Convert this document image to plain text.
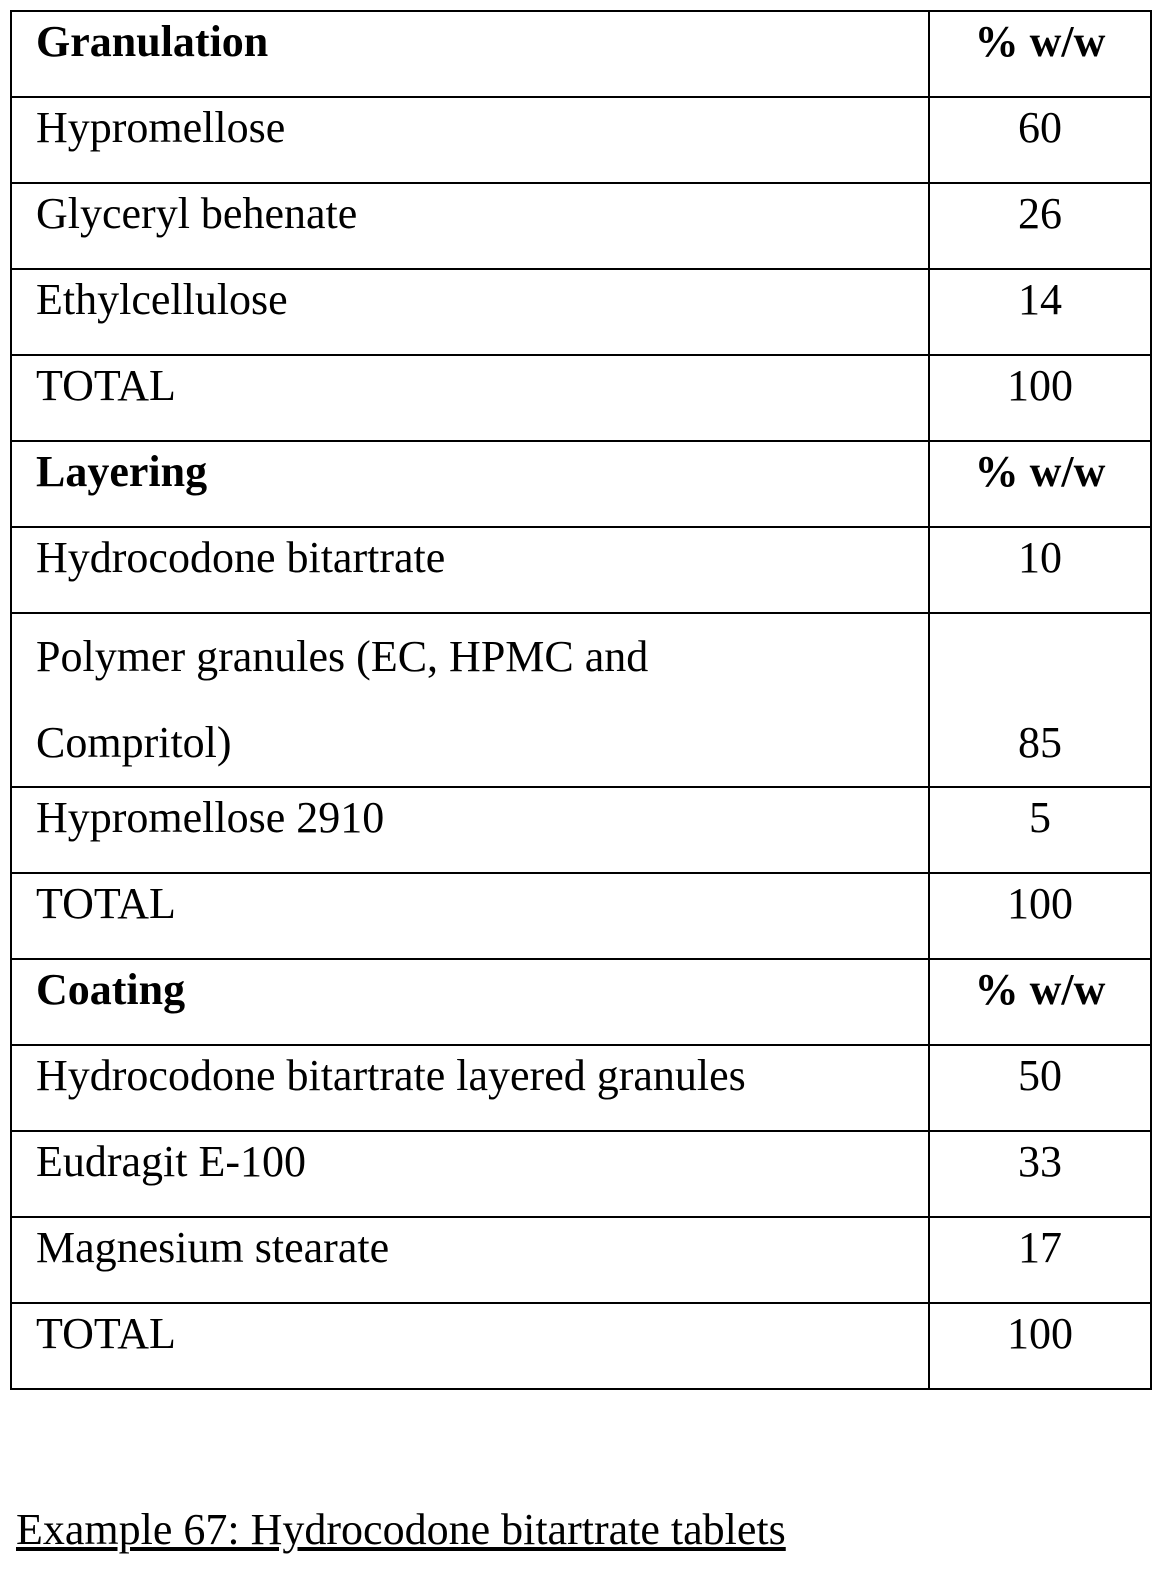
Granulation	% w/w
Hypromellose	60
Glyceryl behenate	26
Ethylcellulose	14
TOTAL	100
Layering	% w/w
Hydrocodone bitartrate	10
Polymer granules (EC, HPMC and Compritol)	85
Hypromellose 2910	5
TOTAL	100
Coating	% w/w
Hydrocodone bitartrate layered granules	50
Eudragit E-100	33
Magnesium stearate	17
TOTAL	100
Example 67: Hydrocodone bitartrate tablets
